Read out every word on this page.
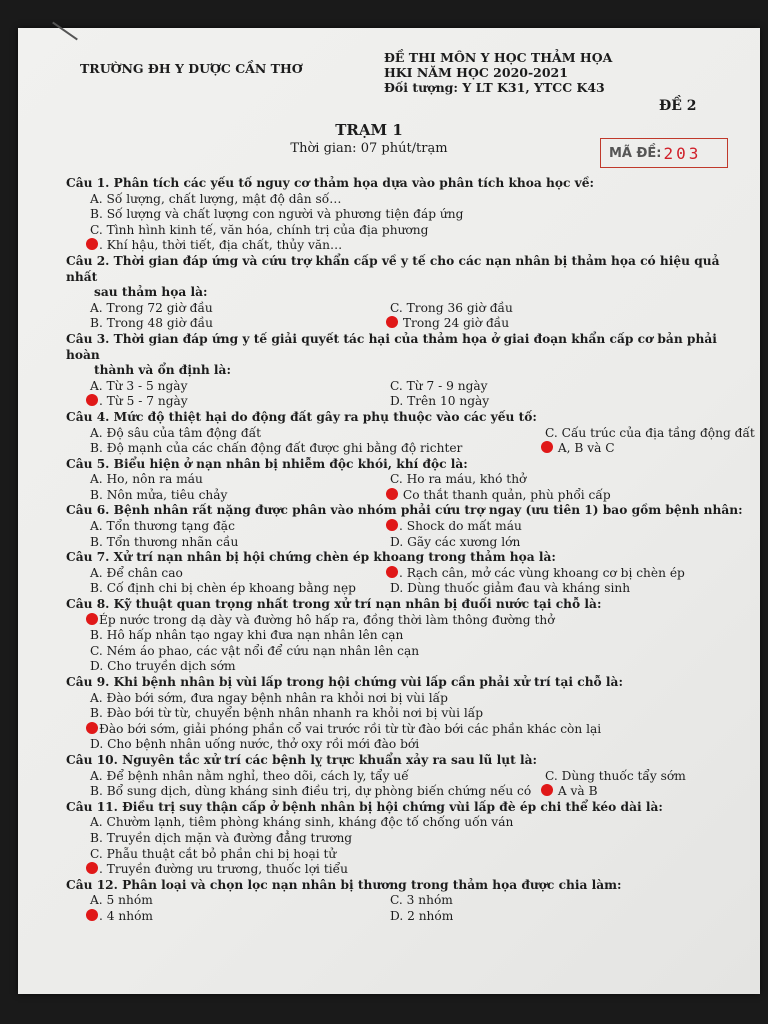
TRƯỜNG ĐH Y DƯỢC CẦN THƠ
ĐỀ THI MÔN Y HỌC THẢM HỌA
HKI NĂM HỌC 2020-2021
Đối tượng: Y LT K31, YTCC K43
ĐỀ 2
TRẠM 1
Thời gian: 07 phút/trạm	MÃ ĐỀ: 203
Câu 1. Phân tích các yếu tố nguy cơ thảm họa dựa vào phân tích khoa học về:
A. Số lượng, chất lượng, mật độ dân số…
B. Số lượng và chất lượng con người và phương tiện đáp ứng
C. Tình hình kinh tế, văn hóa, chính trị của địa phương
. Khí hậu, thời tiết, địa chất, thủy văn…
Câu 2. Thời gian đáp ứng và cứu trợ khẩn cấp về y tế cho các nạn nhân bị thảm họa có hiệu quả nhất
sau thảm họa là:
A. Trong 72 giờ đầu	C. Trong 36 giờ đầu
B. Trong 48 giờ đầu	Trong 24 giờ đầu
Câu 3. Thời gian đáp ứng y tế giải quyết tác hại của thảm họa ở giai đoạn khẩn cấp cơ bản phải hoàn
thành và ổn định là:
A. Từ 3 - 5 ngày	C. Từ 7 - 9 ngày
. Từ 5 - 7 ngày	D. Trên 10 ngày
Câu 4. Mức độ thiệt hại do động đất gây ra phụ thuộc vào các yếu tố:
A. Độ sâu của tâm động đất	C. Cấu trúc của địa tầng động đất
B. Độ mạnh của các chấn động đất được ghi bằng độ richter	A, B và C
Câu 5. Biểu hiện ở nạn nhân bị nhiễm độc khói, khí độc là:
A. Ho, nôn ra máu	C. Ho ra máu, khó thở
B. Nôn mửa, tiêu chảy	Co thắt thanh quản, phù phổi cấp
Câu 6. Bệnh nhân rất nặng được phân vào nhóm phải cứu trợ ngay (ưu tiên 1) bao gồm bệnh nhân:
A. Tổn thương tạng đặc	. Shock do mất máu
B. Tổn thương nhãn cầu	D. Gãy các xương lớn
Câu 7. Xử trí nạn nhân bị hội chứng chèn ép khoang trong thảm họa là:
A. Để chân cao	. Rạch cân, mở các vùng khoang cơ bị chèn ép
B. Cố định chi bị chèn ép khoang bằng nẹp	D. Dùng thuốc giảm đau và kháng sinh
Câu 8. Kỹ thuật quan trọng nhất trong xử trí nạn nhân bị đuối nước tại chỗ là:
Ép nước trong dạ dày và đường hô hấp ra, đồng thời làm thông đường thở
B. Hô hấp nhân tạo ngay khi đưa nạn nhân lên cạn
C. Ném áo phao, các vật nổi để cứu nạn nhân lên cạn
D. Cho truyền dịch sớm
Câu 9. Khi bệnh nhân bị vùi lấp trong hội chứng vùi lấp cần phải xử trí tại chỗ là:
A. Đào bới sớm, đưa ngay bệnh nhân ra khỏi nơi bị vùi lấp
B. Đào bới từ từ, chuyển bệnh nhân nhanh ra khỏi nơi bị vùi lấp
Đào bới sớm, giải phóng phần cổ vai trước rồi từ từ đào bới các phần khác còn lại
D. Cho bệnh nhân uống nước, thở oxy rồi mới đào bới
Câu 10. Nguyên tắc xử trí các bệnh lỵ trực khuẩn xảy ra sau lũ lụt là:
A. Để bệnh nhân nằm nghỉ, theo dõi, cách ly, tẩy uế	C. Dùng thuốc tẩy sớm
B. Bổ sung dịch, dùng kháng sinh điều trị, dự phòng biến chứng nếu có	A và B
Câu 11. Điều trị suy thận cấp ở bệnh nhân bị hội chứng vùi lấp đè ép chi thể kéo dài là:
A. Chườm lạnh, tiêm phòng kháng sinh, kháng độc tố chống uốn ván
B. Truyền dịch mặn và đường đẳng trương
C. Phẫu thuật cắt bỏ phần chi bị hoại tử
. Truyền đường ưu trương, thuốc lợi tiểu
Câu 12. Phân loại và chọn lọc nạn nhân bị thương trong thảm họa được chia làm:
A. 5 nhóm	C. 3 nhóm
. 4 nhóm	D. 2 nhóm
